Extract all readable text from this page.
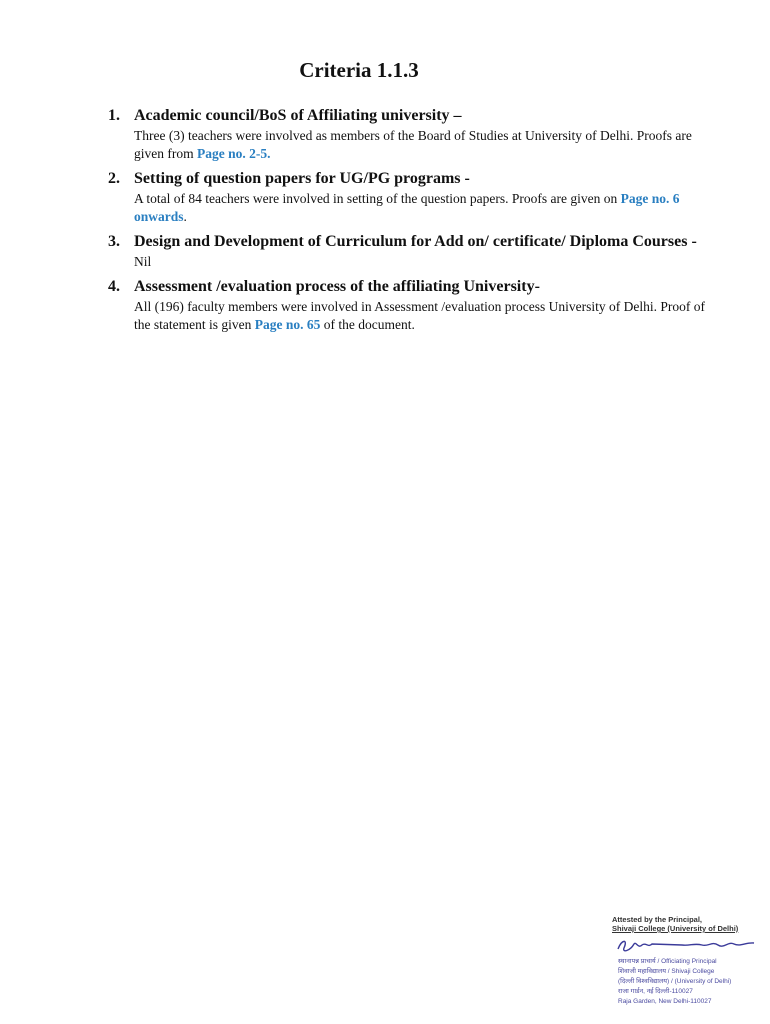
Criteria 1.1.3
1. Academic council/BoS of Affiliating university –
Three (3) teachers were involved as members of the Board of Studies at University of Delhi. Proofs are given from Page no. 2-5.
2. Setting of question papers for UG/PG programs -
A total of 84 teachers were involved in setting of the question papers. Proofs are given on Page no. 6 onwards.
3. Design and Development of Curriculum for Add on/ certificate/ Diploma Courses -
Nil
4. Assessment /evaluation process of the affiliating University-
All (196) faculty members were involved in Assessment /evaluation process University of Delhi. Proof of the statement is given Page no. 65 of the document.
Attested by the Principal,
Shivaji College (University of Delhi)
स्थानापन्न प्राचार्य / Officiating Principal
शिवाजी महाविद्यालय / Shivaji College
(दिल्ली विश्वविद्यालय) / (University of Delhi)
राजा गार्डन, नई दिल्ली-110027
Raja Garden, New Delhi-110027
